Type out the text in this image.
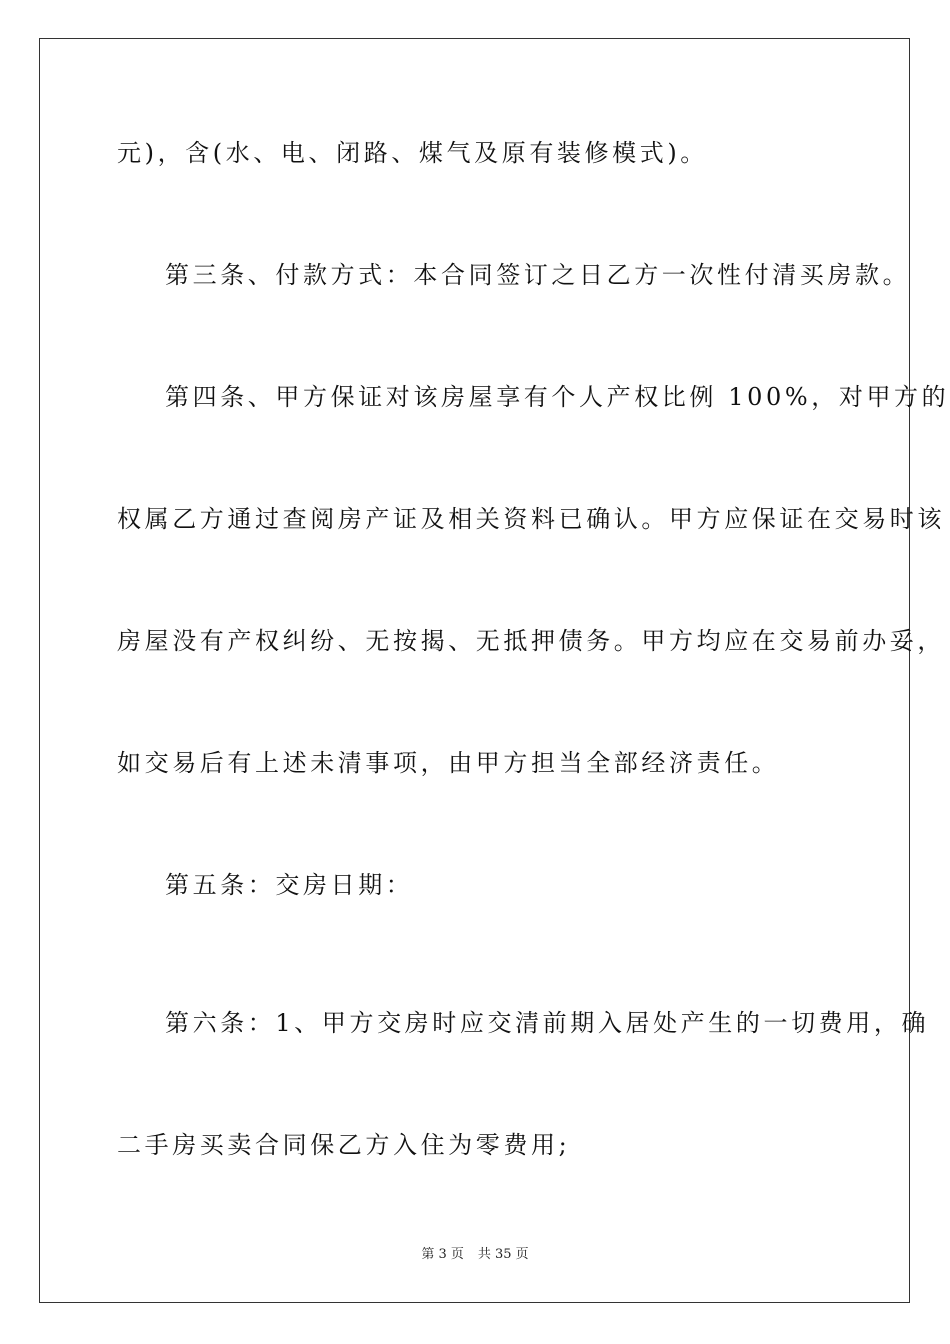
元)，含(水、电、闭路、煤气及原有装修模式)。
第三条、付款方式：本合同签订之日乙方一次性付清买房款。
第四条、甲方保证对该房屋享有个人产权比例 100%，对甲方的
权属乙方通过查阅房产证及相关资料已确认。甲方应保证在交易时该
房屋没有产权纠纷、无按揭、无抵押债务。甲方均应在交易前办妥，
如交易后有上述未清事项，由甲方担当全部经济责任。
第五条：交房日期：
第六条：1、甲方交房时应交清前期入居处产生的一切费用，确
二手房买卖合同保乙方入住为零费用;
第 3 页 共 35 页
